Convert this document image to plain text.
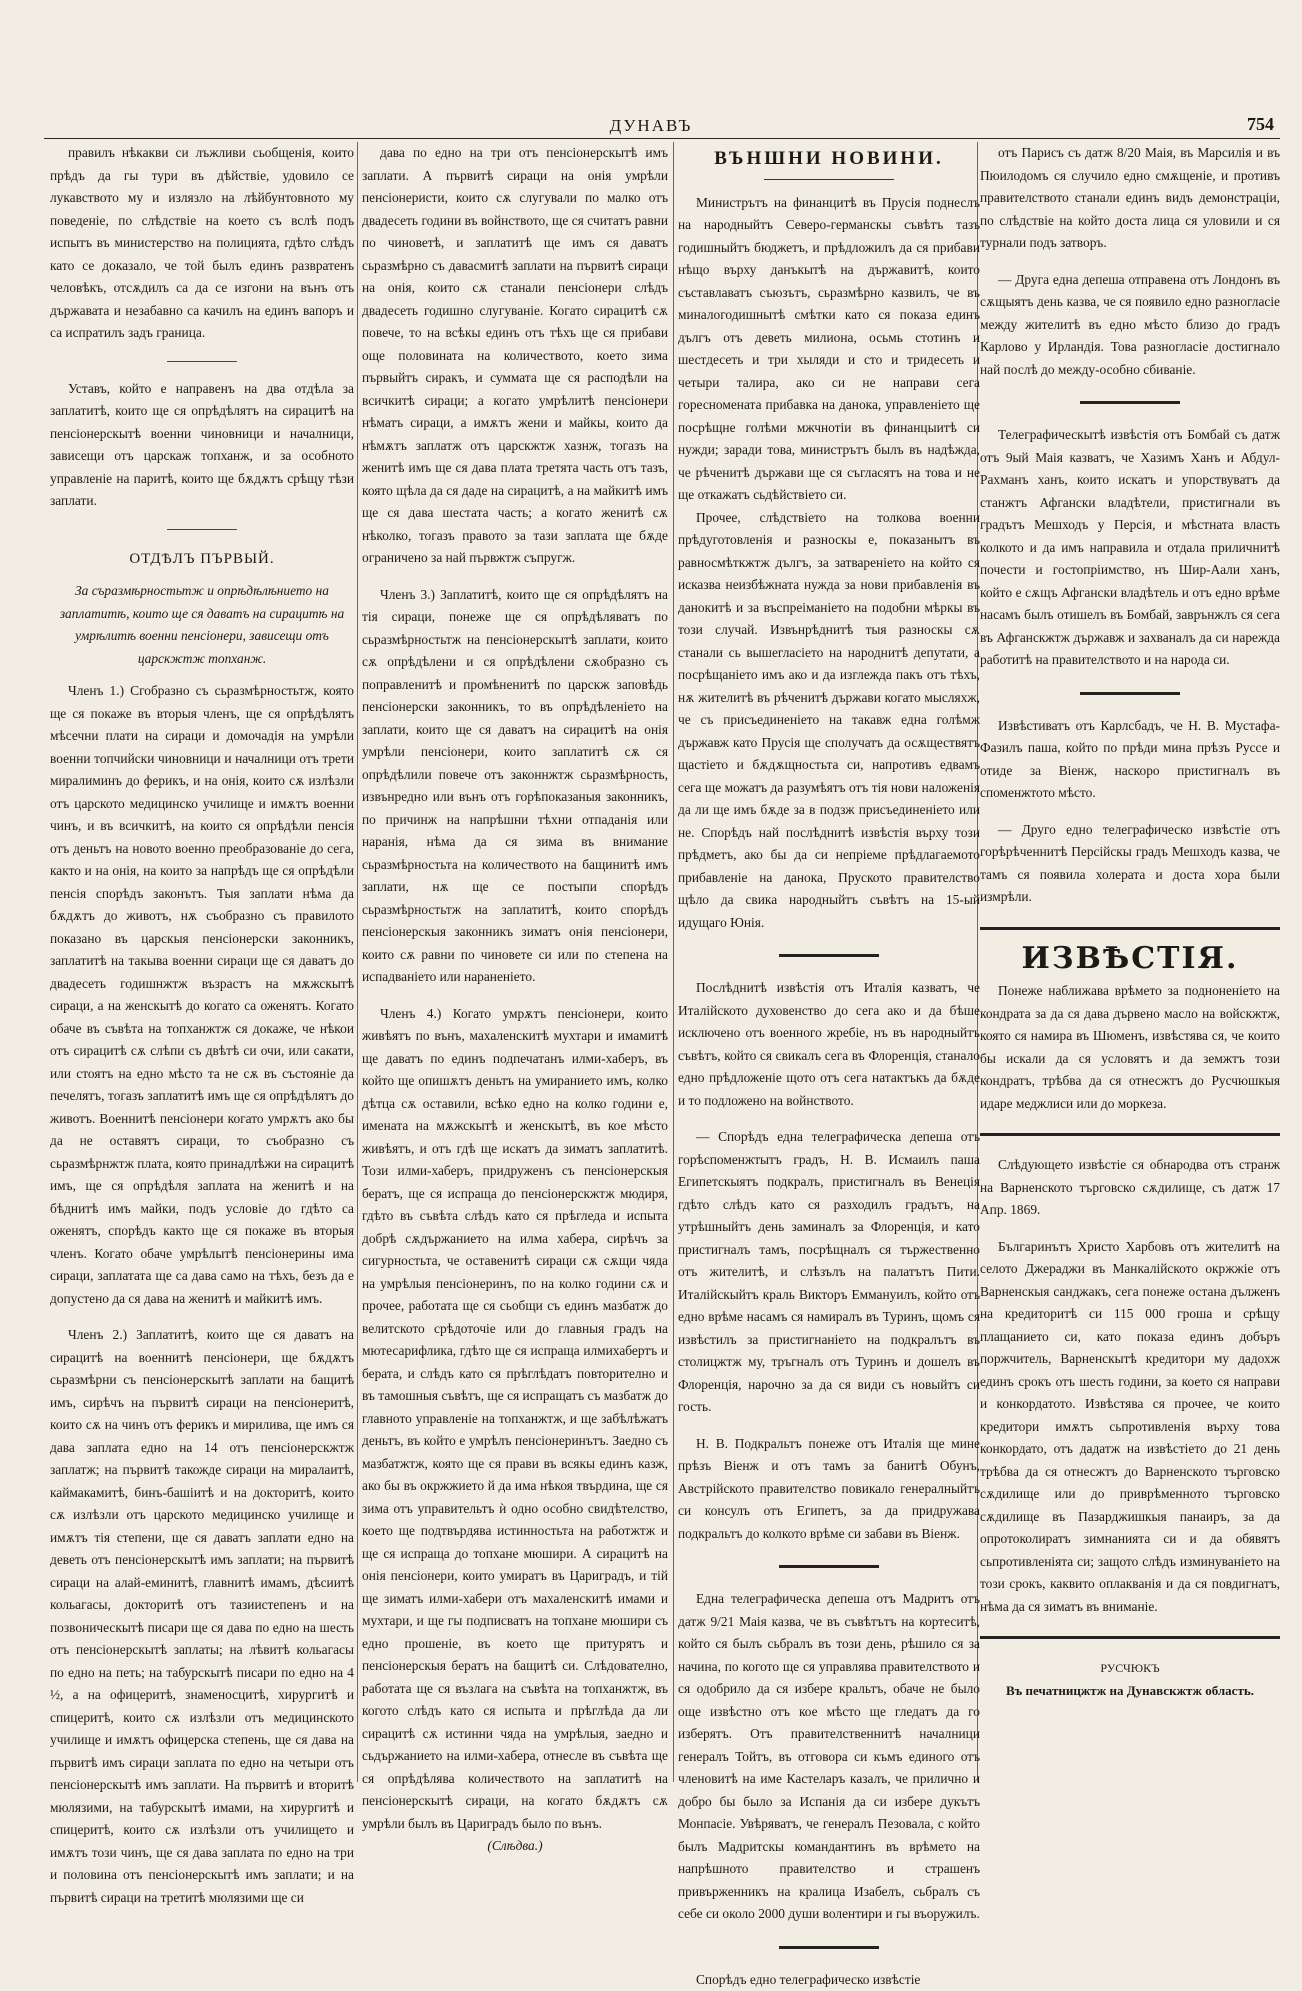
ДУНАВЪ	754

правилъ нѣкакви си лъжливи сьобщенія, които прѣдъ да гы тури въ дѣйствіе, удовило се лукавството му и излязло на лѣйбунтовното му поведеніе, по слѣдствіе на което съ вслѣ подъ испытъ въ министерство на полицията, гдѣто слѣдъ като се доказало, че той былъ единъ развратенъ человѣкъ, отсѫдилъ са да се изгони на вънъ отъ държавата и незабавно са качилъ на единъ вапоръ и са испратилъ задъ граница.

Уставъ, който е направенъ на два отдѣла за заплатитѣ, които ще ся опрѣдѣлятъ на сирацитѣ на пенсіонерскытѣ военни чиновници и началници, зависещи отъ царскаж топханж, и за особното управленіе на паритѣ, които ще бѫдѫтъ срѣщу тѣзи заплати.

ОТДѢЛЪ ПЪРВЫЙ.

За съразмѣрностьтж и опрѣдѣлѣнието на заплатитѣ, които ще ся даватъ на сирацитѣ на умрѣлитѣ военни пенсіонери, зависещи отъ царскжтж топханж.

Членъ 1.) Сгобразно съ сьразмѣрностьтж, която ще ся покаже въ вторыя членъ, ще ся опрѣдѣлятъ мѣсечни плати на сираци и домочадія на умрѣли военни топчийски чиновници и началници отъ трети миралиминъ до ферикъ, и на онія, които сѫ излѣзли отъ царското медицинско училище и имѫтъ военни чинъ, и въ всичкитѣ, на които ся опрѣдѣли пенсія отъ деньтъ на новото военно преобразованіе до сега, както и на онія, на които за напрѣдъ ще ся опрѣдѣли пенсія спорѣдъ законътъ. Тыя заплати нѣма да бѫдѫтъ до животъ, нѫ съобразно съ правилото показано въ царскыя пенсіонерски законникъ, заплатитѣ на такыва военни сираци ще ся даватъ до двадесеть годишнжтж възрастъ на мѫжскытѣ сираци, а на женскытѣ до когато са оженятъ. Когато обаче въ съвѣта на топханжтж ся докаже, че нѣкои отъ сирацитѣ сѫ слѣпи съ двѣтѣ си очи, или сакати, или стоятъ на едно мѣсто та не сѫ въ състояніе да печелятъ, тогазъ заплатитѣ имъ ще ся опрѣдѣлятъ до животъ. Военнитѣ пенсіонери когато умрѫтъ ако бы да не оставятъ сираци, то съобразно съ сьразмѣрнжтж плата, която принадлѣжи на сирацитѣ имъ, ще ся опрѣдѣля заплата на женитѣ и на бѣднитѣ имъ майки, подъ условіе до гдѣто са оженятъ, спорѣдъ както ще ся покаже въ вторыя членъ. Когато обаче умрѣлытѣ пенсіонерины има сираци, заплатата ще са дава само на тѣхъ, безъ да е допустено да ся дава на женитѣ и майкитѣ имъ.

Членъ 2.) Заплатитѣ, които ще ся даватъ на сирацитѣ на военнитѣ пенсіонери, ще бѫдѫтъ сьразмѣрни съ пенсіонерскытѣ заплати на бащитѣ имъ, сирѣчъ на първитѣ сираци на пенсіонеритѣ, които сѫ на чинъ отъ ферикъ и мирилива, ще имъ ся дава заплата едно на 14 отъ пенсіонерскжтж заплатж; на първитѣ такожде сираци на миралаитѣ, каймакамитѣ, бинъ-башіитѣ и на докторитѣ, които сѫ излѣзли отъ царското медицинско училище и имѫтъ тія степени, ще ся даватъ заплати едно на деветь отъ пенсіонерскытѣ имъ заплати; на първитѣ сираци на алай-еминитѣ, главнитѣ имамъ, дѣсиитѣ кольагасы, докторитѣ отъ тазиистепенъ и на позвоническытѣ писари ще ся дава по едно на шесть отъ пенсіонерскытѣ заплаты; на лѣвитѣ кольагасы по едно на петь; на табурскытѣ писари по едно на 4 ½, а на офицеритѣ, знаменосцитѣ, хирургитѣ и спицеритѣ, които сѫ излѣзли отъ медицинското училище и имѫтъ офицерска степень, ще ся дава на първитѣ имъ сираци заплата по едно на четыри отъ пенсіонерскытѣ имъ заплати. На първитѣ и вторитѣ мюлязими, на табурскытѣ имами, на хирургитѣ и спицеритѣ, които сѫ излѣзли отъ училището и имѫтъ този чинъ, ще ся дава заплата по едно на три и половина отъ пенсіонерскытѣ имъ заплати; и на първитѣ сираци на третитѣ мюлязими ще си

дава по едно на три отъ пенсіонерскытѣ имъ заплати. А първитѣ сираци на онія умрѣли пенсіонеристи, които сѫ слугували по малко отъ двадесеть години въ войнството, ще ся считатъ равни по чиноветѣ, и заплатитѣ ще имъ ся даватъ сьразмѣрно съ давасмитѣ заплати на първитѣ сираци на онія, които сѫ станали пенсіонери слѣдъ двадесеть годишно слугуваніе. Когато сирацитѣ сѫ повече, то на всѣкы единъ отъ тѣхъ ще ся прибави още половината на количеството, което зима първыйтъ сиракъ, и суммата ще ся расподѣли на всичкитѣ сираци; а когато умрѣлитѣ пенсіонери нѣматъ сираци, а имѫтъ жени и майкы, които да нѣмѫтъ заплатж отъ царскжтж хазнж, тогазъ на женитѣ имъ ще ся дава плата третята часть отъ тазъ, която щѣла да ся даде на сирацитѣ, а на майкитѣ имъ ще ся дава шестата часть; а когато женитѣ сѫ нѣколко, тогазъ правото за тази заплата ще бѫде ограничено за най първжтж съпругж.

Членъ 3.) Заплатитѣ, които ще ся опрѣдѣлятъ на тія сираци, понеже ще ся опрѣдѣляватъ по сьразмѣрностьтж на пенсіонерскытѣ заплати, които сѫ опрѣдѣлени и ся опрѣдѣлени сѫобразно съ поправленитѣ и промѣненитѣ по царскж заповѣдь пенсіонерски законникъ, то въ опрѣдѣленіето на заплати, които ще ся даватъ на сирацитѣ на онія умрѣли пенсіонери, които заплатитѣ сѫ ся опрѣдѣлили повече отъ законнжтж сьразмѣрность, извънредно или вънъ отъ горѣпоказаныя законникъ, по причинж на напрѣшни тѣхни отпаданія или наранія, нѣма да ся зима въ внимание сьразмѣрностьта на количеството на бащинитѣ имъ заплати, нѫ ще се постыпи спорѣдъ сьразмѣрностьтж на заплатитѣ, които спорѣдъ пенсіонерскыя законникъ зиматъ онія пенсіонери, които сѫ равни по чиновете си или по степена на испадваніето или нараненіето.

Членъ 4.) Когато умрѫтъ пенсіонери, които живѣятъ по вънъ, махаленскитѣ мухтари и имамитѣ ще даватъ по единъ подпечатанъ илми-хаберъ, въ който ще опишѫтъ деньтъ на умиранието имъ, колко дѣтца сѫ оставили, всѣко едно на колко години е, имената на мѫжскытѣ и женскытѣ, въ кое мѣсто живѣятъ, и отъ гдѣ ще искатъ да зиматъ заплатитѣ. Този илми-хаберъ, придруженъ съ пенсіонерскыя бератъ, ще ся испраща до пенсіонерскжтж мюдиря, гдѣто въ съвѣта слѣдъ като ся прѣгледа и испыта добрѣ сѫдържанието на илма хабера, сирѣчъ за сигурностьта, че оставенитѣ сираци сѫ сѫщи чяда на умрѣлыя пенсіонеринъ, по на колко години сѫ и прочее, работата ще ся сьобщи съ единъ мазбатж до велитското срѣдоточіе или до главныя градъ на мютесарифлика, гдѣто ще ся испраща илмихабертъ и берата, и слѣдъ като ся прѣглѣдатъ повторително и въ тамошныя съвѣтъ, ще ся испращатъ съ мазбатж до главното управленіе на топханжтж, и ще забѣлѣжатъ деньтъ, въ който е умрѣлъ пенсіонеринътъ. Заедно съ мазбатжтж, която ще ся прави въ всякы единъ казж, ако бы въ окржжието й да има нѣкоя твърдина, ще ся зима отъ управительтъ ѝ одно особно свидѣтелство, което ще подтвърдява истинностьта на работжтж и ще ся испраща до топхане мюшири. А сирацитѣ на онія пенсіонери, които умиратъ въ Цариградъ, и тій ще зиматъ илми-хабери отъ махаленскитѣ имами и мухтари, и ще гы подписватъ на топхане мюшири съ едно прошеніе, въ което ще притурятъ и пенсіонерскыя бератъ на бащитѣ си. Слѣдователно, работата ще ся възлага на съвѣта на топханжтж, въ когото слѣдъ като ся испыта и прѣглѣда да ли сирацитѣ сѫ истинни чяда на умрѣлыя, заедно и сьдържанието на илми-хабера, отнесле въ съвѣта ще ся опрѣдѣлява количеството на заплатитѣ на пенсіонерскытѣ сираци, на когато бѫдѫтъ сѫ умрѣли былъ въ Цариградъ было по вънъ.

(Слѣдва.)

ВЪНШНИ НОВИНИ.

Министрътъ на финанцитѣ въ Прусія поднеслъ на народныйтъ Северо-германскы съвѣтъ тазъ годишныйтъ бюджетъ, и прѣдложилъ да ся прибави нѣщо върху данъкытѣ на държавитѣ, които съставлаватъ съюзътъ, сьразмѣрно казвилъ, че въ миналогодишнытѣ смѣтки като ся показа единъ дългъ отъ деветь милиона, осьмь стотинъ и шестдесеть и три хыляди и сто и тридесеть и четыри талира, ако си не направи сега горесномената прибавка на данока, управленіето ще посрѣщне голѣми мжчнотіи въ финанцыитѣ си нужди; заради това, министрътъ былъ въ надѣжда, че рѣченитѣ държави ще ся съгласятъ на това и не ще откажатъ сьдѣйствіето си.

Прочее, слѣдствіето на толкова военни прѣдуготовленія и разноскы е, показанытъ въ равносмѣткжтж дългъ, за затвареніето на който ся исказва неизбѣжната нужда за нови прибавленія въ данокитѣ и за въспреіманіето на подобни мѣркы въ този случай. Извънрѣднитѣ тыя разноскы сѫ станали сь вышегласіето на народнитѣ депутати, а посрѣщаніето имъ ако и да изглежда пакъ отъ тѣхъ, нѫ жителитѣ въ рѣченитѣ държави когато мысляхж, че съ присъединеніето на такавж една голѣмж държавж като Прусія ще сполучатъ да осѫществятъ щастіето и бѫдѫщностьта си, напротивъ едвамъ сега ще можатъ да разумѣятъ отъ тія нови наложенія да ли ще имъ бѫде за в подзж присъединеніето или не. Спорѣдъ най послѣднитѣ извѣстія върху този прѣдметъ, ако бы да си непріеме прѣдлагаемото прибавленіе на данока, Пруското правителство щѣло да свика народныйтъ съвѣтъ на 15-ый идущаго Юнія.

Послѣднитѣ извѣстія отъ Италія казватъ, че Италійското духовенство до сега ако и да бѣше исключено отъ военного жребіе, нъ въ народныйтъ съвѣтъ, който ся свикалъ сега въ Флоренція, станало едно прѣдложеніе щото отъ сега натактъкъ да бѫде и то подложено на войнството.

— Спорѣдъ една телеграфическа депеша отъ горѣспоменжтытъ градъ, Н. В. Исмаилъ паша Египетскыятъ подкралъ, пристигналъ въ Венеція гдѣто слѣдъ като ся разходилъ градътъ, на утрѣшныйтъ день заминалъ за Флоренція, и като пристигналъ тамъ, посрѣщналъ ся тържественно отъ жителитѣ, и слѣзълъ на палатътъ Пити. Италійскыйтъ краль Викторъ Еммануилъ, който отъ едно врѣме насамъ ся намиралъ въ Туринъ, щомъ ся извѣстилъ за пристигнаніето на подкралътъ въ столицжтж му, тръгналъ отъ Туринъ и дошелъ въ Флоренція, нарочно за да ся види съ новыйтъ си гость.

Н. В. Подкральтъ понеже отъ Италія ще мине прѣзъ Віенж и отъ тамъ за банитѣ Обунъ, Австрійското правителство повикало генералныйтъ си консулъ отъ Египетъ, за да придружава подкральтъ до колкото врѣме си забави въ Віенж.

Една телеграфическа депеша отъ Мадритъ отъ датж 9/21 Маія казва, че въ съвѣтътъ на кортеситѣ, който ся былъ сьбралъ въ този день, рѣшило ся за начина, по когото ще ся управлява правителството и ся одобрило да ся избере кральтъ, обаче не было още извѣстно отъ кое мѣсто ще гледатъ да го изберятъ. Отъ правителственнитѣ началници генералъ Тойтъ, въ отговора си къмъ единого отъ членовитѣ на име Кастеларъ казалъ, че прилично и добро бы было за Испанія да си избере дукътъ Монпасіе. Увѣряватъ, че генералъ Пезовала, с който былъ Мадритскы командантинъ въ врѣмето на напрѣшното правителство и страшенъ привърженникъ на кралица Изабелъ, сьбралъ съ себе си около 2000 души волентири и гы въоружилъ.

Спорѣдъ едно телеграфическо извѣстіе

отъ Парисъ съ датж 8/20 Маія, въ Марсилія и въ Пюилодомъ ся случило едно смѫщеніе, и противъ правителството станали единъ видъ демонстраціи, по слѣдствіе на който доста лица ся уловили и ся турнали подъ затворъ.

— Друга една депеша отправена отъ Лондонъ въ сѫщыятъ день казва, че ся появило едно разногласіе между жителитѣ въ едно мѣсто близо до градъ Карлово у Ирландія. Това разногласіе достигнало най послѣ до между-особно сбиваніе.

Телеграфическытѣ извѣстія отъ Бомбай съ датж отъ 9ый Маія казватъ, че Хазимъ Ханъ и Абдул-Рахманъ ханъ, които искатъ и упорствуватъ да станжтъ Афгански владѣтели, пристигнали въ градътъ Мешходъ у Персія, и мѣстната власть колкото и да имъ направила и отдала приличнитѣ почести и гостопріимство, нъ Шир-Аали ханъ, който е сѫщъ Афгански владѣтель и отъ едно врѣме насамъ былъ отишелъ въ Бомбай, заврънжлъ ся сега въ Афганскжтж държавж и захваналъ да си нарежда работитѣ на правителството и на народа си.

Извѣстиватъ отъ Карлсбадъ, че Н. В. Мустафа-Фазилъ паша, който по прѣди мина прѣзъ Руссе и отиде за Віенж, наскоро пристигналъ въ споменжтото мѣсто.

— Друго едно телеграфическо извѣстіе отъ горѣрѣченнитѣ Персійскы градъ Мешходъ казва, че тамъ ся появила холерата и доста хора были измрѣли.

ИЗВѢСТІЯ.

Понеже наближава врѣмето за подноненіето на кондрата за да ся дава дървено масло на войскжтж, която ся намира въ Шюменъ, извѣстява ся, че които бы искали да ся условятъ и да земжтъ този кондратъ, трѣбва да ся отнесжтъ до Русчюшкыя идаре меджлиси или до моркеза.

Слѣдующето извѣстіе ся обнародва отъ странж на Варненското търговско сѫдилище, съ датж 17 Апр. 1869.

Българинътъ Христо Харбовъ отъ жителитѣ на селото Джераджи въ Манкалійското окржжіе отъ Варненскыя санджакъ, сега понеже остана дълженъ на кредиторитѣ си 115 000 гроша и срѣщу плащанието си, като показа единъ добъръ поржчитель, Варненскытѣ кредитори му дадохж единъ срокъ отъ шесть години, за което ся направи и конкордатото. Извѣстява ся прочее, че които кредитори имѫтъ сьпротивленія върху това конкордато, отъ дадатж на извѣстіето до 21 день трѣбва да ся отнесжтъ до Варненското търговско сѫдилище или до приврѣменното търговско сѫдилище въ Пазарджишкыя панаиръ, за да опротоколиратъ зимнанията си и да обявятъ сьпротивленіята си; защото слѣдъ изминуваніето на този срокъ, каквито оплакванія и да ся повдигнатъ, нѣма да ся зиматъ въ вниманіе.

РУСЧЮКЪ

Въ печатницжтж на Дунавскжтж область.
